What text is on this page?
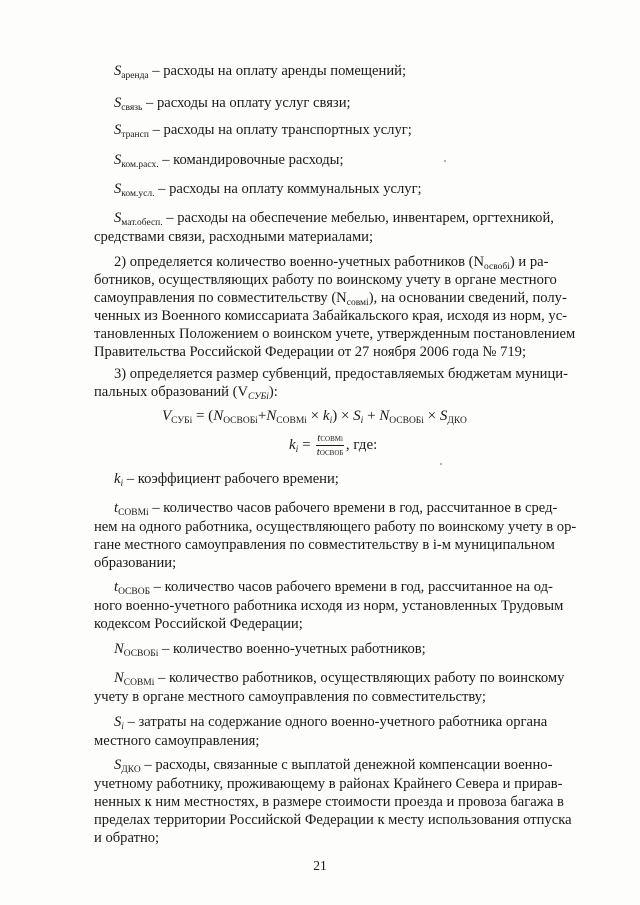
$S_{аренда}$ – расходы на оплату аренды помещений;
$S_{связь}$ – расходы на оплату услуг связи;
$S_{трансп}$ – расходы на оплату транспортных услуг;
$S_{ком.расх.}$ – командировочные расходы;
$S_{ком.усл.}$ – расходы на оплату коммунальных услуг;
$S_{мат.обесп.}$ – расходы на обеспечение мебелью, инвентарем, оргтехникой,
средствами связи, расходными материалами;
2) определяется количество военно-учетных работников $(N_{освобi})$ и ра-
ботников, осуществляющих работу по воинскому учету в органе местного
самоуправления по совместительству $(N_{совмi})$, на основании сведений, полу-
ченных из Военного комиссариата Забайкальского края, исходя из норм, ус-
тановленных Положением о воинском учете, утвержденным постановлением
Правительства Российской Федерации от 27 ноября 2006 года № 719;
3) определяется размер субвенций, предоставляемых бюджетам муници-
пальных образований $(V_{СУБi})$:
$V_{СУБi} = (N_{ОСВОБi}+N_{СОВМi} \times k_i) \times S_i + N_{ОСВОБi} \times S_{ДКО}$
$k_i = \frac{\text{tСОВМi}}{\text{tОСВОБ}}$ , где:
$k_i$ – коэффициент рабочего времени;
$t_{СОВМi}$ – количество часов рабочего времени в год, рассчитанное в сред-
нем на одного работника, осуществляющего работу по воинскому учету в ор-
гане местного самоуправления по совместительству в i-м муниципальном
образовании;
$t_{ОСВОБ}$ – количество часов рабочего времени в год, рассчитанное на од-
ного военно-учетного работника исходя из норм, установленных Трудовым
кодексом Российской Федерации;
$N_{ОСВОБi}$ – количество военно-учетных работников;
$N_{СОВМi}$ – количество работников, осуществляющих работу по воинскому
учету в органе местного самоуправления по совместительству;
$S_i$ – затраты на содержание одного военно-учетного работника органа
местного самоуправления;
$S_{ДКО}$ – расходы, связанные с выплатой денежной компенсации военно-
учетному работнику, проживающему в районах Крайнего Севера и прирав-
ненных к ним местностях, в размере стоимости проезда и провоза багажа в
пределах территории Российской Федерации к месту использования отпуска
и обратно;
21
